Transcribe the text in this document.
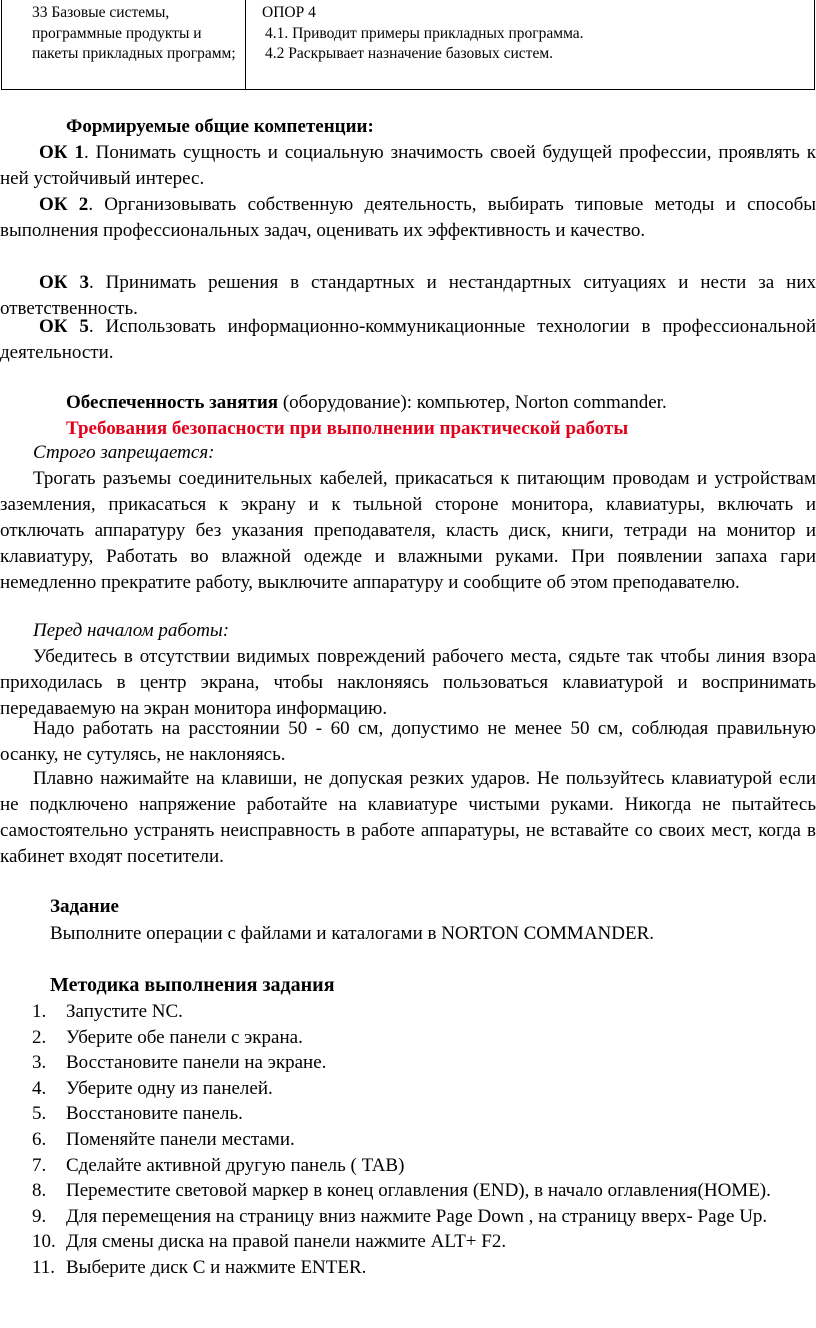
33 Базовые системы, программные продукты и пакеты прикладных программ;
ОПОР 4
4.1. Приводит примеры прикладных программа.
4.2 Раскрывает назначение базовых систем.
Формируемые общие компетенции:
ОК 1. Понимать сущность и социальную значимость своей будущей профессии, проявлять к ней устойчивый интерес.
ОК 2. Организовывать собственную деятельность, выбирать типовые методы и способы выполнения профессиональных задач, оценивать их эффективность и качество.
ОК 3. Принимать решения в стандартных и нестандартных ситуациях и нести за них ответственность.
ОК 5. Использовать информационно-коммуникационные технологии в профессиональной деятельности.
Обеспеченность занятия (оборудование): компьютер, Norton commander.
Требования безопасности при выполнении практической работы
Строго запрещается:
Трогать разъемы соединительных кабелей, прикасаться к питающим проводам и устройствам заземления, прикасаться к экрану и к тыльной стороне монитора, клавиатуры, включать и отключать аппаратуру без указания преподавателя, класть диск, книги, тетради на монитор и клавиатуру, Работать во влажной одежде и влажными руками. При появлении запаха гари немедленно прекратите работу, выключите аппаратуру и сообщите об этом преподавателю.
Перед началом работы:
Убедитесь в отсутствии видимых повреждений рабочего места, сядьте так чтобы линия взора приходилась в центр экрана, чтобы наклоняясь пользоваться клавиатурой и воспринимать передаваемую на экран монитора информацию.
Надо работать на расстоянии 50 - 60 см, допустимо не менее 50 см, соблюдая правильную осанку, не сутулясь, не наклоняясь.
Плавно нажимайте на клавиши, не допуская резких ударов. Не пользуйтесь клавиатурой если не подключено напряжение работайте на клавиатуре чистыми руками. Никогда не пытайтесь самостоятельно устранять неисправность в работе аппаратуры, не вставайте со своих мест, когда в кабинет входят посетители.
Задание
Выполните операции с файлами и каталогами в NORTON COMMANDER.
Методика выполнения задания
1. Запустите NC.
2. Уберите обе панели с экрана.
3. Восстановите панели на экране.
4. Уберите одну из панелей.
5. Восстановите панель.
6. Поменяйте панели местами.
7. Сделайте активной другую панель ( TAB)
8. Переместите световой маркер в конец оглавления (END), в начало оглавления(HOME).
9. Для перемещения на страницу вниз нажмите Page Down , на страницу вверх- Page Up.
10. Для смены диска на правой панели нажмите ALT+ F2.
11. Выберите диск С и нажмите ENTER.
